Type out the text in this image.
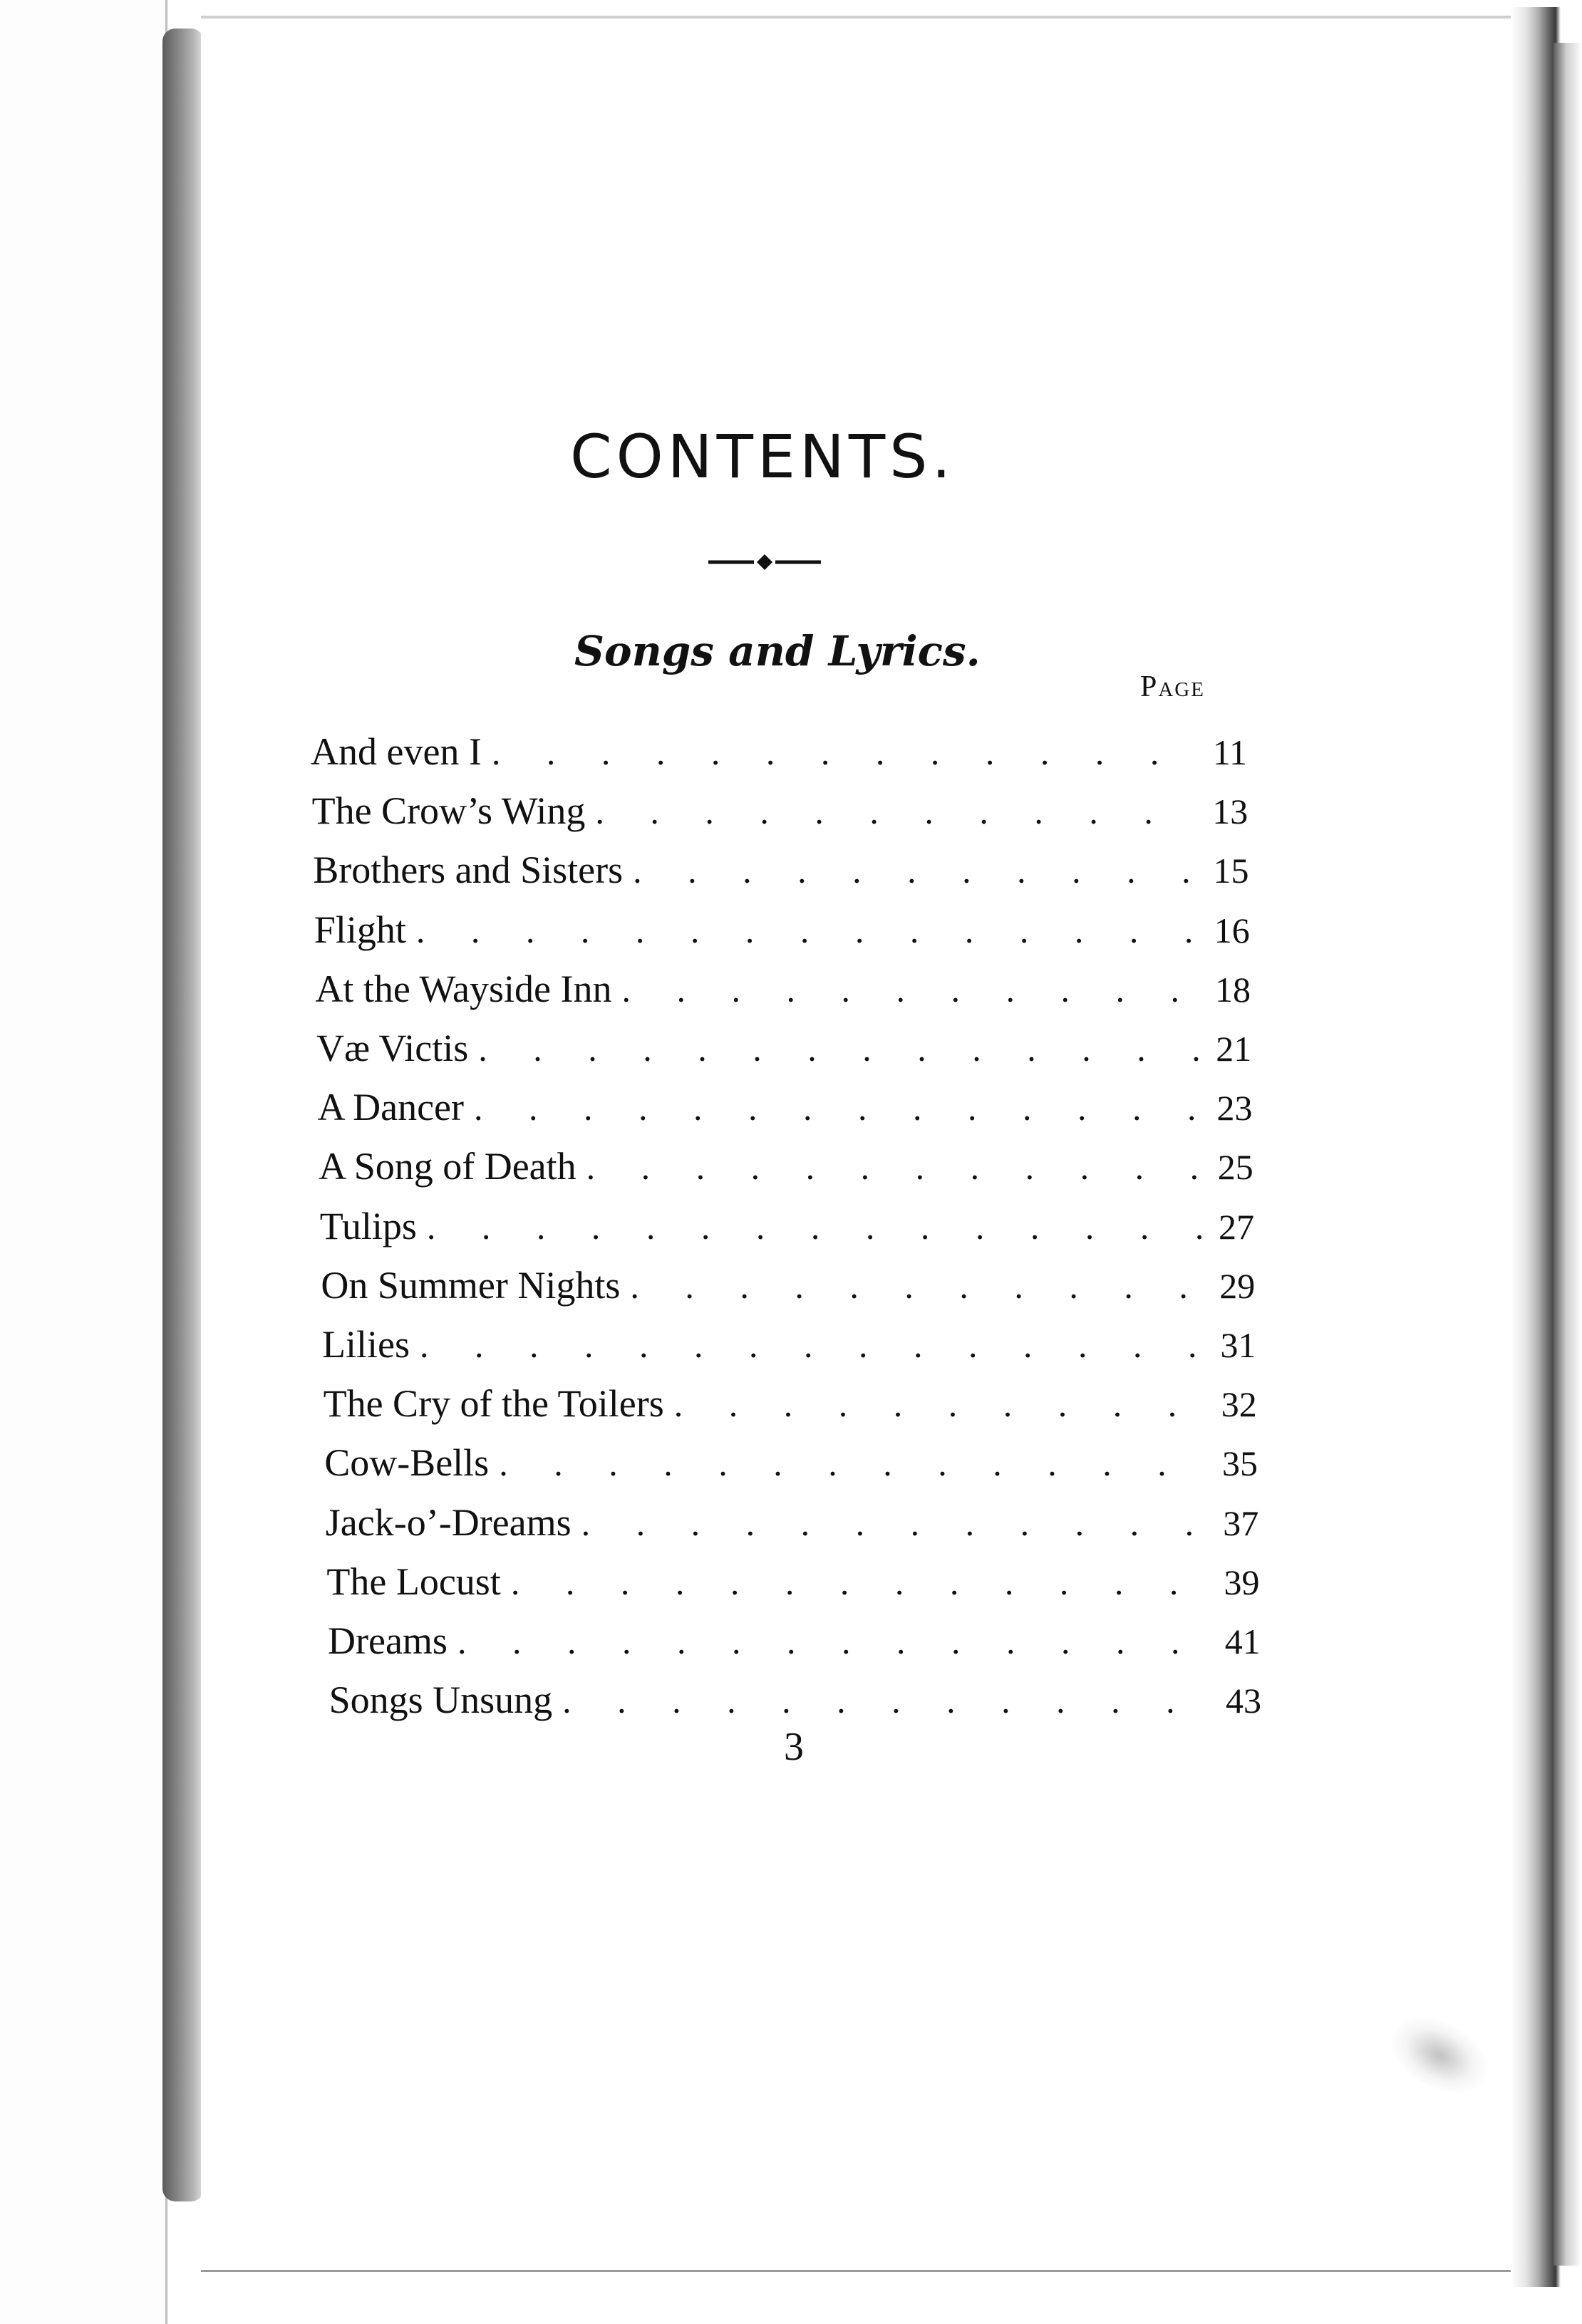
CONTENTS.
Songs and Lyrics.
Page
And even I . . .	11
The Crow’s Wing . . .	13
Brothers and Sisters . . .	15
Flight . . .	16
At the Wayside Inn . . .	18
Væ Victis . . .	21
A Dancer . . .	23
A Song of Death . . .	25
Tulips . . .	27
On Summer Nights . . .	29
Lilies . . .	31
The Cry of the Toilers . . .	32
Cow-Bells . . .	35
Jack-o’-Dreams . . .	37
The Locust . . .	39
Dreams . . .	41
Songs Unsung . . .	43
3
